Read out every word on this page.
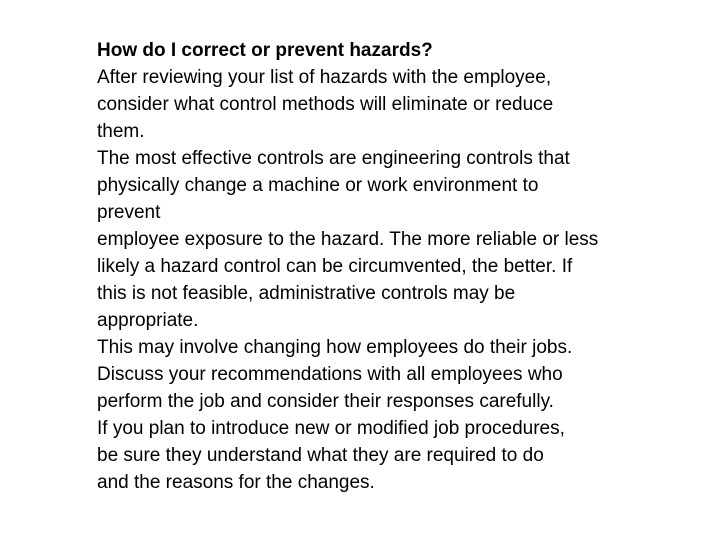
How do I correct or prevent hazards?
After reviewing your list of hazards with the employee,
consider what control methods will eliminate or reduce
them.
The most effective controls are engineering controls that
physically change a machine or work environment to
prevent
employee exposure to the hazard. The more reliable or less
likely a hazard control can be circumvented, the better. If
this is not feasible, administrative controls may be
appropriate.
This may involve changing how employees do their jobs.
Discuss your recommendations with all employees who
perform the job and consider their responses carefully.
If you plan to introduce new or modified job procedures,
be sure they understand what they are required to do
and the reasons for the changes.
